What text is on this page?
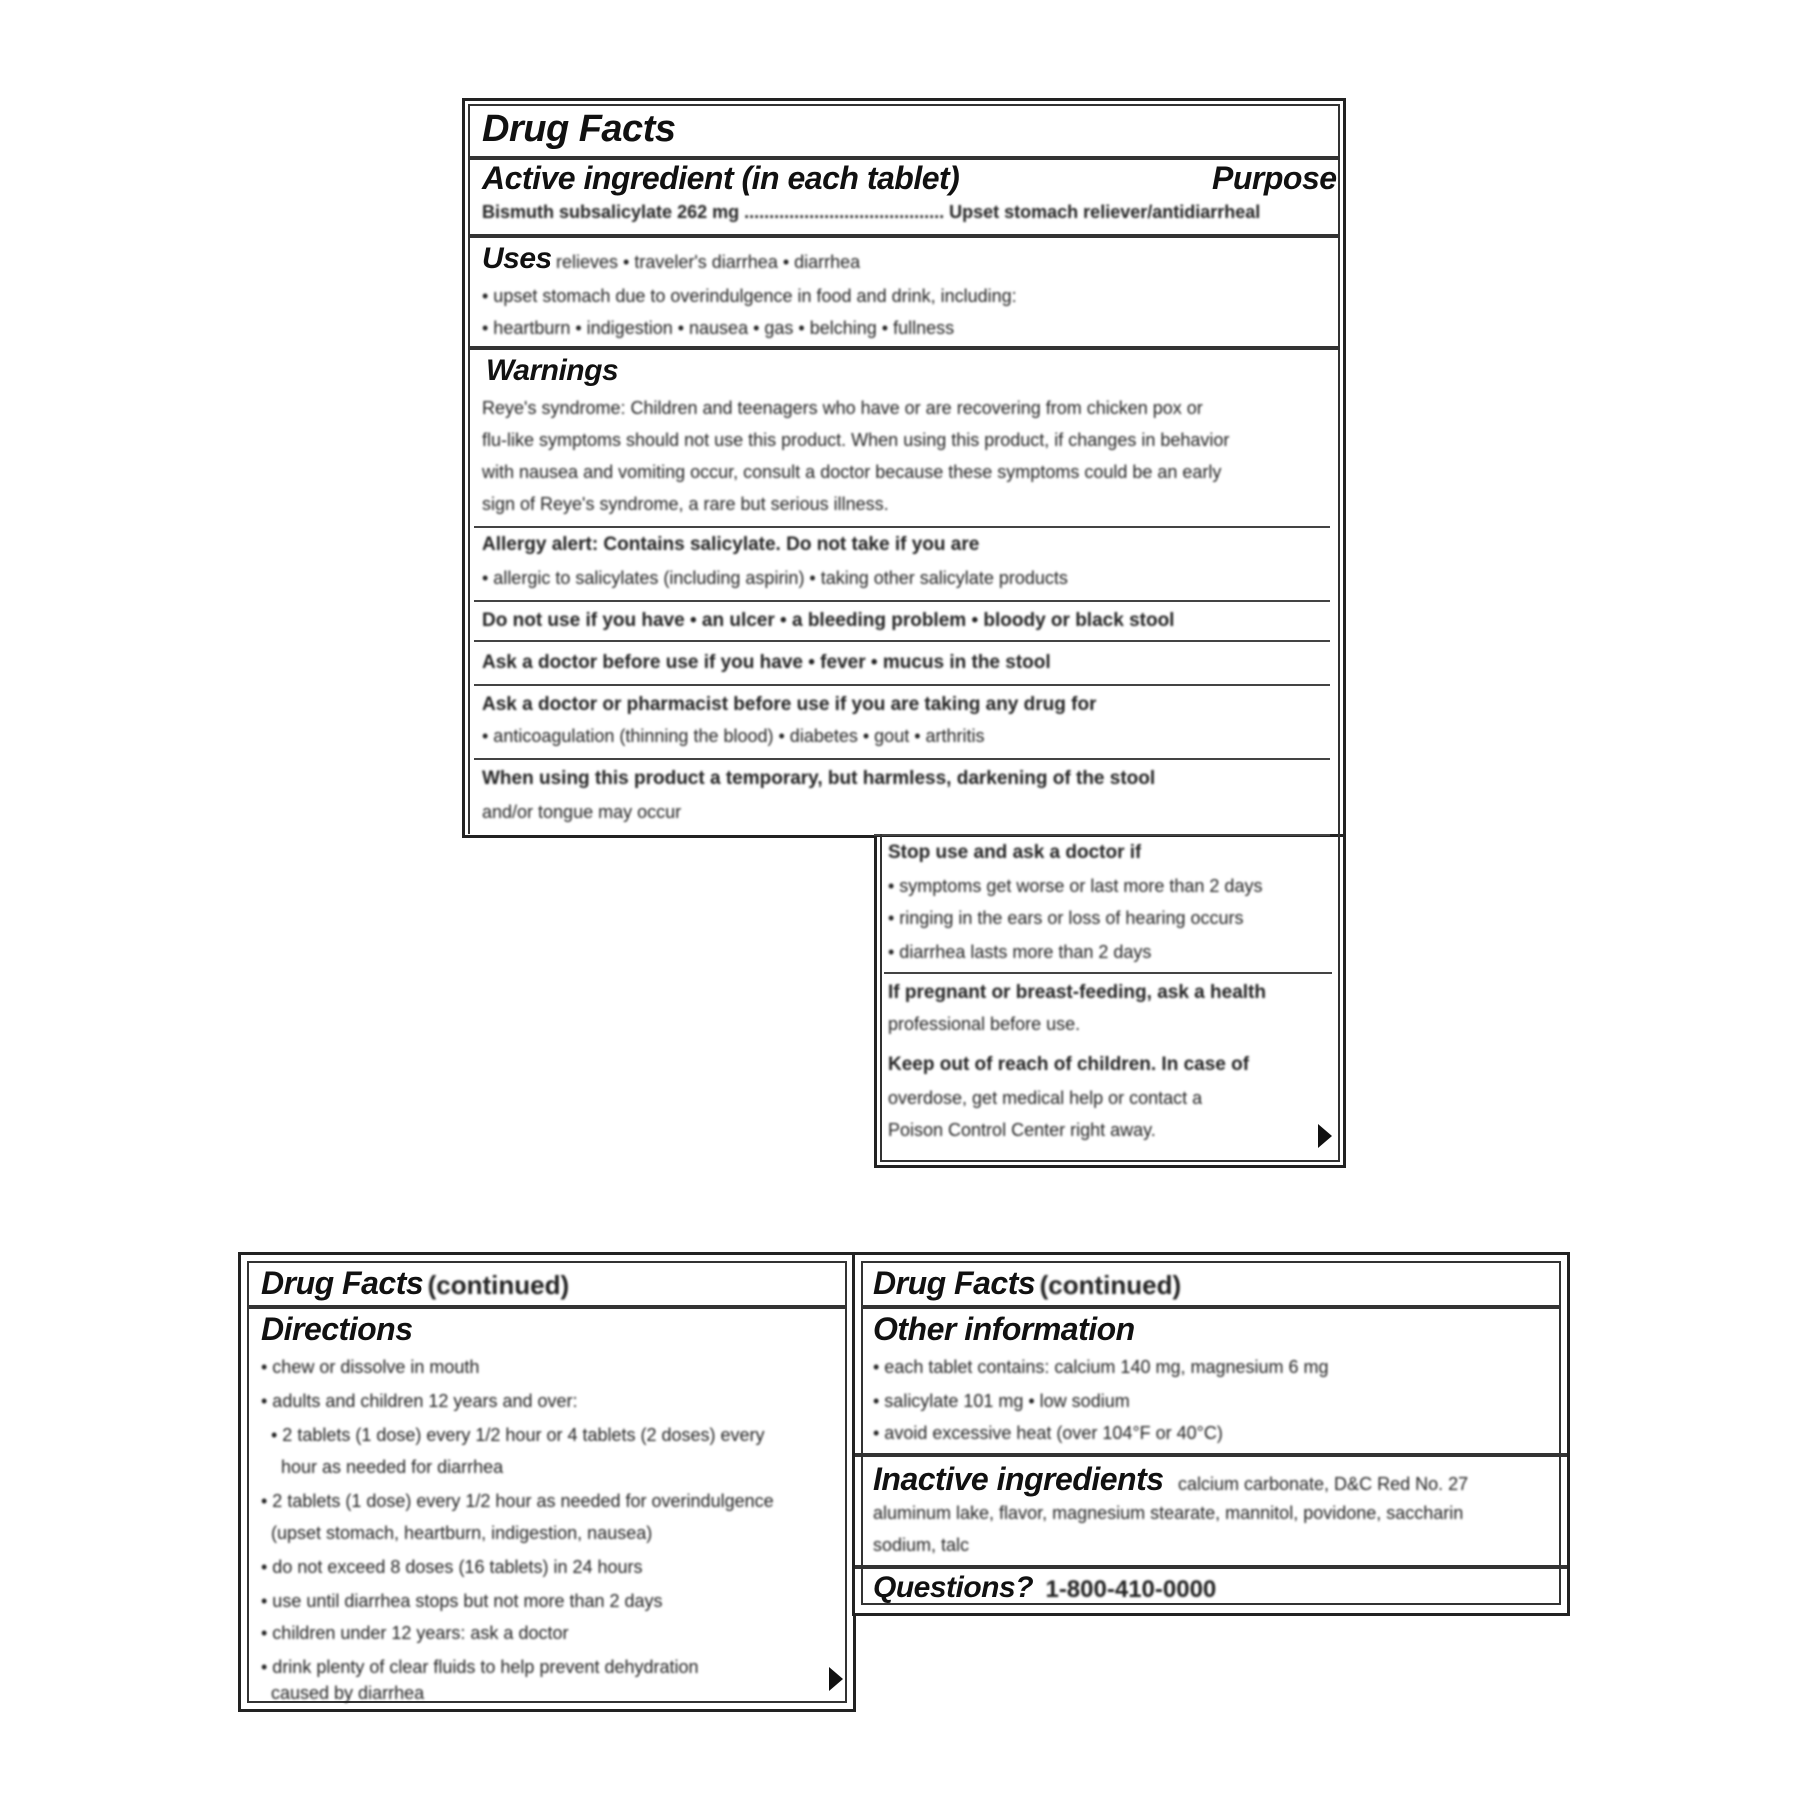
Drug Facts
Active ingredient (in each tablet)	Purpose
Bismuth subsalicylate 262 mg ........................................ Upset stomach reliever/antidiarrheal
Uses relieves • traveler's diarrhea • diarrhea
• upset stomach due to overindulgence in food and drink, including:
• heartburn • indigestion • nausea • gas • belching • fullness
Warnings
Reye's syndrome: Children and teenagers who have or are recovering from chicken pox or
flu-like symptoms should not use this product. When using this product, if changes in behavior
with nausea and vomiting occur, consult a doctor because these symptoms could be an early
sign of Reye's syndrome, a rare but serious illness.
Allergy alert: Contains salicylate. Do not take if you are
• allergic to salicylates (including aspirin) • taking other salicylate products
Do not use if you have • an ulcer • a bleeding problem • bloody or black stool
Ask a doctor before use if you have • fever • mucus in the stool
Ask a doctor or pharmacist before use if you are taking any drug for
• anticoagulation (thinning the blood) • diabetes • gout • arthritis
When using this product a temporary, but harmless, darkening of the stool
and/or tongue may occur
Stop use and ask a doctor if
• symptoms get worse or last more than 2 days
• ringing in the ears or loss of hearing occurs
• diarrhea lasts more than 2 days
If pregnant or breast-feeding, ask a health
professional before use.
Keep out of reach of children. In case of
overdose, get medical help or contact a
Poison Control Center right away.
Drug Facts (continued)
Directions
• chew or dissolve in mouth
• adults and children 12 years and over:
• 2 tablets (1 dose) every 1/2 hour or 4 tablets (2 doses) every
hour as needed for diarrhea
• 2 tablets (1 dose) every 1/2 hour as needed for overindulgence
(upset stomach, heartburn, indigestion, nausea)
• do not exceed 8 doses (16 tablets) in 24 hours
• use until diarrhea stops but not more than 2 days
• children under 12 years: ask a doctor
• drink plenty of clear fluids to help prevent dehydration
caused by diarrhea
Drug Facts (continued)
Other information
• each tablet contains: calcium 140 mg, magnesium 6 mg
• salicylate 101 mg • low sodium
• avoid excessive heat (over 104°F or 40°C)
Inactive ingredients calcium carbonate, D&C Red No. 27
aluminum lake, flavor, magnesium stearate, mannitol, povidone, saccharin
sodium, talc
Questions? 1-800-410-0000
